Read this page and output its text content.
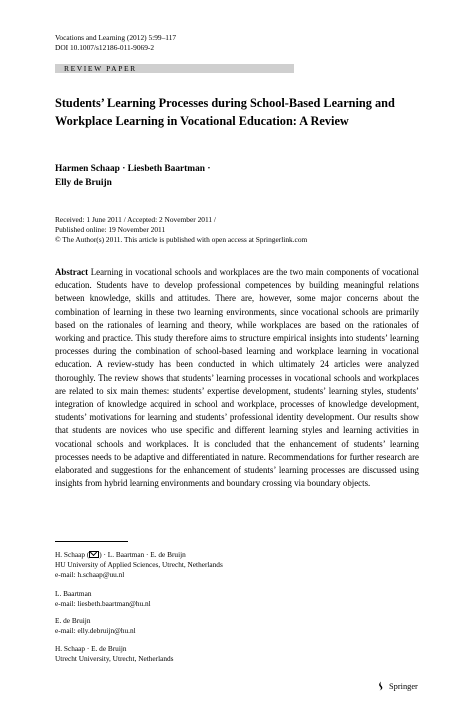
Vocations and Learning (2012) 5:99–117
DOI 10.1007/s12186-011-9069-2
REVIEW PAPER
Students’ Learning Processes during School-Based Learning and Workplace Learning in Vocational Education: A Review
Harmen Schaap · Liesbeth Baartman ·
Elly de Bruijn
Received: 1 June 2011 / Accepted: 2 November 2011 /
Published online: 19 November 2011
© The Author(s) 2011. This article is published with open access at Springerlink.com
Abstract Learning in vocational schools and workplaces are the two main components of vocational education. Students have to develop professional competences by building meaningful relations between knowledge, skills and attitudes. There are, however, some major concerns about the combination of learning in these two learning environments, since vocational schools are primarily based on the rationales of learning and theory, while workplaces are based on the rationales of working and practice. This study therefore aims to structure empirical insights into students’ learning processes during the combination of school-based learning and workplace learning in vocational education. A review-study has been conducted in which ultimately 24 articles were analyzed thoroughly. The review shows that students’ learning processes in vocational schools and workplaces are related to six main themes: students’ expertise development, students’ learning styles, students’ integration of knowledge acquired in school and workplace, processes of knowledge development, students’ motivations for learning and students’ professional identity development. Our results show that students are novices who use specific and different learning styles and learning activities in vocational schools and workplaces. It is concluded that the enhancement of students’ learning processes needs to be adaptive and differentiated in nature. Recommendations for further research are elaborated and suggestions for the enhancement of students’ learning processes are discussed using insights from hybrid learning environments and boundary crossing via boundary objects.
H. Schaap ( ) · L. Baartman · E. de Bruijn
HU University of Applied Sciences, Utrecht, Netherlands
e-mail: h.schaap@uu.nl
L. Baartman
e-mail: liesbeth.baartman@hu.nl
E. de Bruijn
e-mail: elly.debruijn@hu.nl
H. Schaap · E. de Bruijn
Utrecht University, Utrecht, Netherlands
Springer
